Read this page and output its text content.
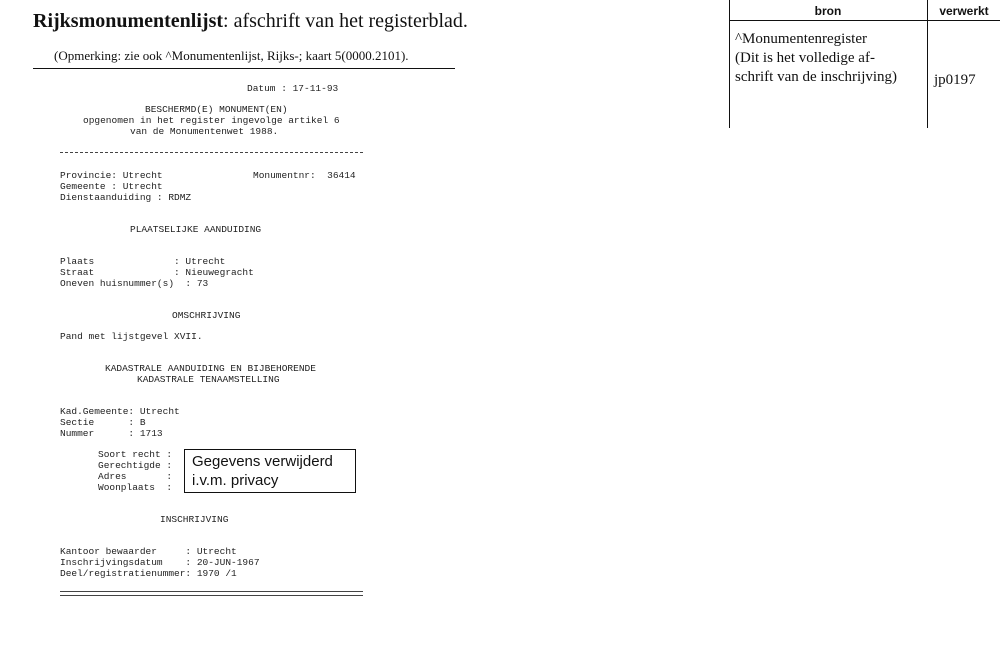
Rijksmonumentenlijst: afschrift van het registerblad.
(Opmerking: zie ook ^Monumentenlijst, Rijks-; kaart 5(0000.2101).
Datum : 17-11-93
BESCHERMD(E) MONUMENT(EN)
opgenomen in het register ingevolge artikel 6
van de Monumentenwet 1988.
Provincie: Utrecht	Monumentnr:  36414
Gemeente : Utrecht
Dienstaanduiding : RDMZ
PLAATSELIJKE AANDUIDING
Plaats              : Utrecht
Straat              : Nieuwegracht
Oneven huisnummer(s)  : 73
OMSCHRIJVING
Pand met lijstgevel XVII.
KADASTRALE AANDUIDING EN BIJBEHORENDE
KADASTRALE TENAAMSTELLING
Kad.Gemeente: Utrecht
Sectie      : B
Nummer      : 1713
Soort recht :
Gerechtigde :
Adres       :
Woonplaats  :
INSCHRIJVING
Kantoor bewaarder     : Utrecht
Inschrijvingsdatum    : 20-JUN-1967
Deel/registratienummer: 1970 /1
Gegevens verwijderd
i.v.m. privacy
bron	verwerkt
^Monumentenregister
(Dit is het volledige af-
schrift van de inschrijving)	jp0197
